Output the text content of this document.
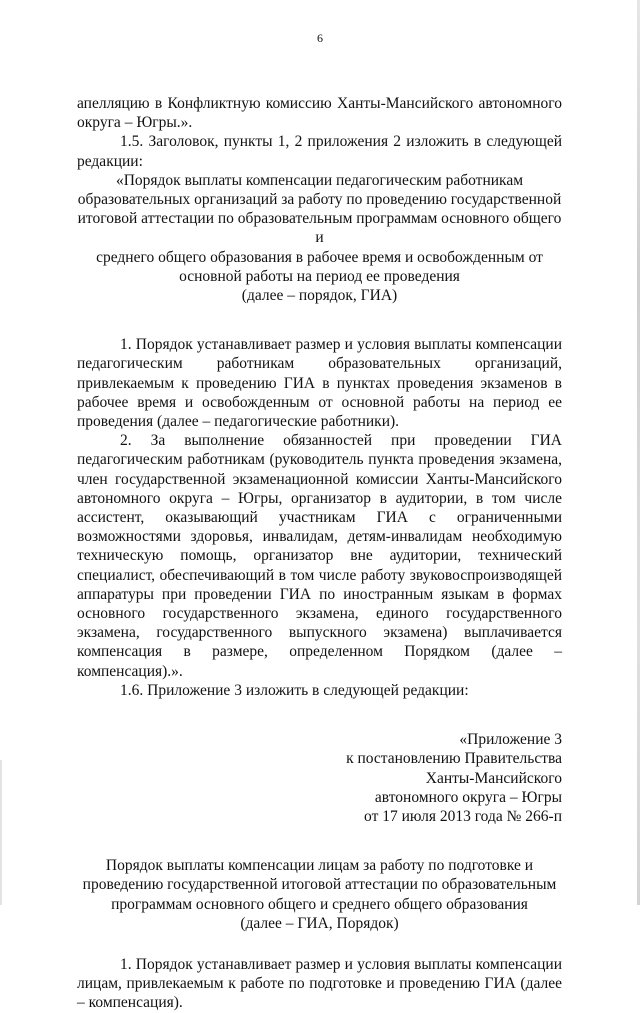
6

апелляцию в Конфликтную комиссию Ханты-Мансийского автономного округа – Югры.».

1.5. Заголовок, пункты 1, 2 приложения 2 изложить в следующей редакции:

«Порядок выплаты компенсации педагогическим работникам
образовательных организаций за работу по проведению государственной
итоговой аттестации по образовательным программам основного общего и
среднего общего образования в рабочее время и освобожденным от
основной работы на период ее проведения
(далее – порядок, ГИА)

1. Порядок устанавливает размер и условия выплаты компенсации педагогическим работникам образовательных организаций, привлекаемым к проведению ГИА в пунктах проведения экзаменов в рабочее время и освобожденным от основной работы на период ее проведения (далее – педагогические работники).

2. За выполнение обязанностей при проведении ГИА педагогическим работникам (руководитель пункта проведения экзамена, член государственной экзаменационной комиссии Ханты-Мансийского автономного округа – Югры, организатор в аудитории, в том числе ассистент, оказывающий участникам ГИА с ограниченными возможностями здоровья, инвалидам, детям-инвалидам необходимую техническую помощь, организатор вне аудитории, технический специалист, обеспечивающий в том числе работу звуковоспроизводящей аппаратуры при проведении ГИА по иностранным языкам в формах основного государственного экзамена, единого государственного экзамена, государственного выпускного экзамена) выплачивается компенсация в размере, определенном Порядком (далее – компенсация).».

1.6. Приложение 3 изложить в следующей редакции:

«Приложение 3
к постановлению Правительства
Ханты-Мансийского
автономного округа – Югры
от 17 июля 2013 года № 266-п
Порядок выплаты компенсации лицам за работу по подготовке и
проведению государственной итоговой аттестации по образовательным
программам основного общего и среднего общего образования
(далее – ГИА, Порядок)

1. Порядок устанавливает размер и условия выплаты компенсации лицам, привлекаемым к работе по подготовке и проведению ГИА (далее – компенсация).
